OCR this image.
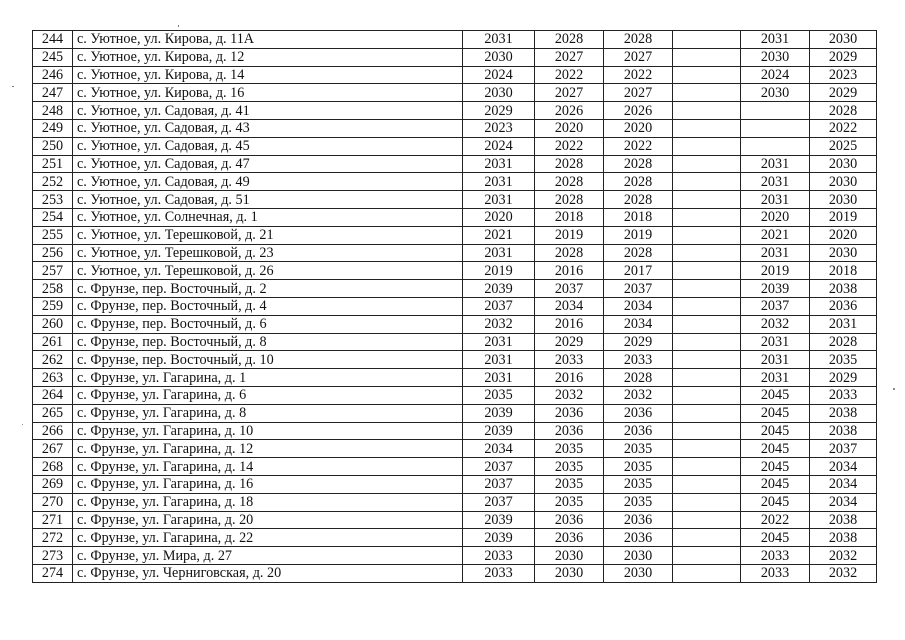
244	с. Уютное, ул. Кирова, д. 11А	2031	2028	2028		2031	2030
245	с. Уютное, ул. Кирова, д. 12	2030	2027	2027		2030	2029
246	с. Уютное, ул. Кирова, д. 14	2024	2022	2022		2024	2023
247	с. Уютное, ул. Кирова, д. 16	2030	2027	2027		2030	2029
248	с. Уютное, ул. Садовая, д. 41	2029	2026	2026			2028
249	с. Уютное, ул. Садовая, д. 43	2023	2020	2020			2022
250	с. Уютное, ул. Садовая, д. 45	2024	2022	2022			2025
251	с. Уютное, ул. Садовая, д. 47	2031	2028	2028		2031	2030
252	с. Уютное, ул. Садовая, д. 49	2031	2028	2028		2031	2030
253	с. Уютное, ул. Садовая, д. 51	2031	2028	2028		2031	2030
254	с. Уютное, ул. Солнечная, д. 1	2020	2018	2018		2020	2019
255	с. Уютное, ул. Терешковой, д. 21	2021	2019	2019		2021	2020
256	с. Уютное, ул. Терешковой, д. 23	2031	2028	2028		2031	2030
257	с. Уютное, ул. Терешковой, д. 26	2019	2016	2017		2019	2018
258	с. Фрунзе, пер. Восточный, д. 2	2039	2037	2037		2039	2038
259	с. Фрунзе, пер. Восточный, д. 4	2037	2034	2034		2037	2036
260	с. Фрунзе, пер. Восточный, д. 6	2032	2016	2034		2032	2031
261	с. Фрунзе, пер. Восточный, д. 8	2031	2029	2029		2031	2028
262	с. Фрунзе, пер. Восточный, д. 10	2031	2033	2033		2031	2035
263	с. Фрунзе, ул. Гагарина, д. 1	2031	2016	2028		2031	2029
264	с. Фрунзе, ул. Гагарина, д. 6	2035	2032	2032		2045	2033
265	с. Фрунзе, ул. Гагарина, д. 8	2039	2036	2036		2045	2038
266	с. Фрунзе, ул. Гагарина, д. 10	2039	2036	2036		2045	2038
267	с. Фрунзе, ул. Гагарина, д. 12	2034	2035	2035		2045	2037
268	с. Фрунзе, ул. Гагарина, д. 14	2037	2035	2035		2045	2034
269	с. Фрунзе, ул. Гагарина, д. 16	2037	2035	2035		2045	2034
270	с. Фрунзе, ул. Гагарина, д. 18	2037	2035	2035		2045	2034
271	с. Фрунзе, ул. Гагарина, д. 20	2039	2036	2036		2022	2038
272	с. Фрунзе, ул. Гагарина, д. 22	2039	2036	2036		2045	2038
273	с. Фрунзе, ул. Мира, д. 27	2033	2030	2030		2033	2032
274	с. Фрунзе, ул. Черниговская, д. 20	2033	2030	2030		2033	2032
